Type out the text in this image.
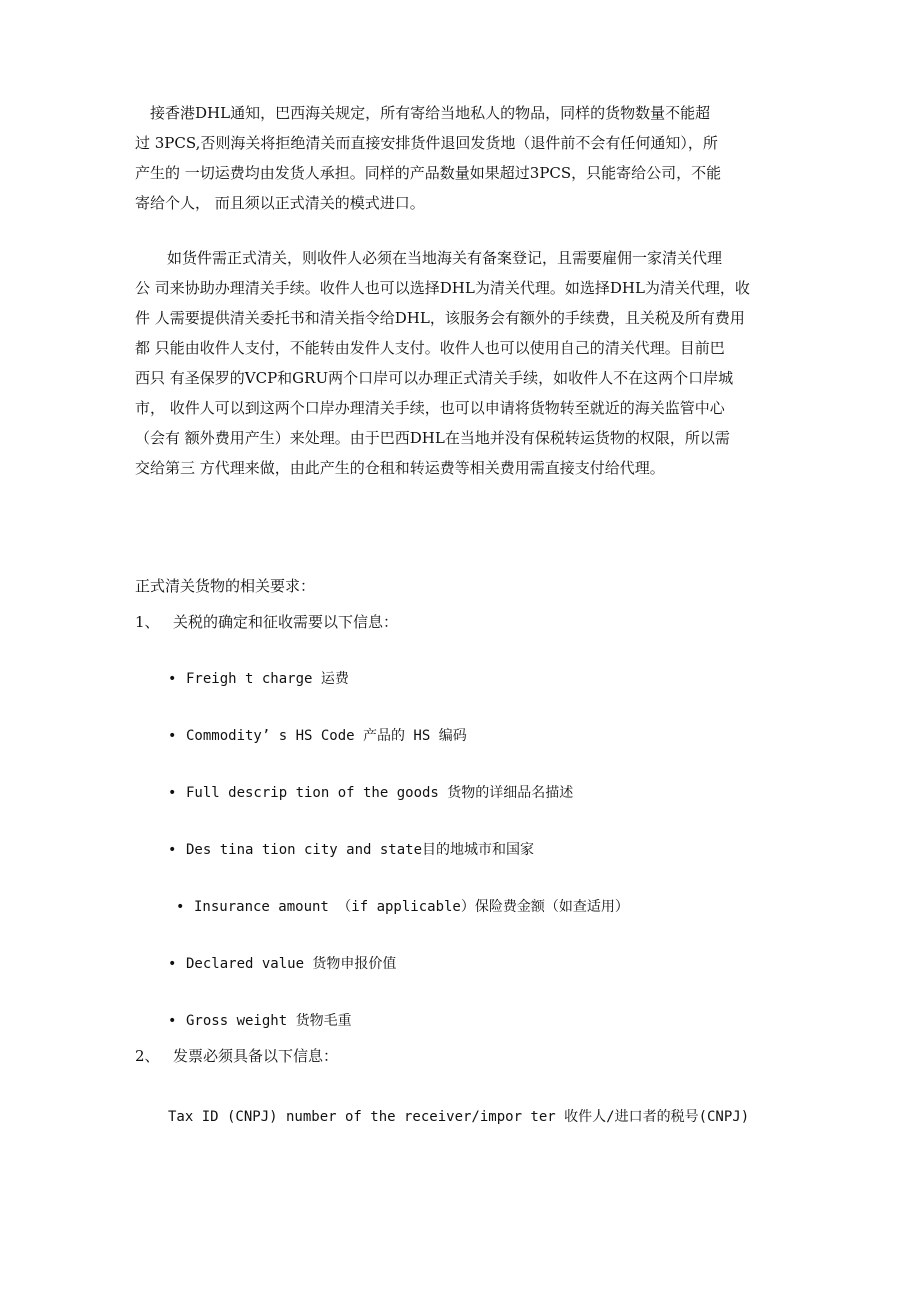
　接香港DHL通知，巴西海关规定，所有寄给当地私人的物品，同样的货物数量不能超
过 3PCS,否则海关将拒绝清关而直接安排货件退回发货地（退件前不会有任何通知），所
产生的 一切运费均由发货人承担。同样的产品数量如果超过3PCS，只能寄给公司，不能
寄给个人， 而且须以正式清关的模式进口。
如货件需正式清关，则收件人必须在当地海关有备案登记，且需要雇佣一家清关代理
公 司来协助办理清关手续。收件人也可以选择DHL为清关代理。如选择DHL为清关代理，收
件 人需要提供清关委托书和清关指令给DHL，该服务会有额外的手续费，且关税及所有费用
都 只能由收件人支付，不能转由发件人支付。收件人也可以使用自己的清关代理。目前巴
西只 有圣保罗的VCP和GRU两个口岸可以办理正式清关手续，如收件人不在这两个口岸城
市， 收件人可以到这两个口岸办理清关手续，也可以申请将货物转至就近的海关监管中心
（会有 额外费用产生）来处理。由于巴西DHL在当地并没有保税转运货物的权限，所以需
交给第三 方代理来做，由此产生的仓租和转运费等相关费用需直接支付给代理。
正式清关货物的相关要求：
1、 关税的确定和征收需要以下信息：
• Freigh t charge 运费
• Commodity’ s HS Code 产品的 HS 编码
• Full descrip tion of the goods 货物的详细品名描述
• Des tina tion city and state目的地城市和国家
• Insurance amount （if applicable）保险费金额（如查适用）
• Declared value 货物申报价值
• Gross weight 货物毛重
2、 发票必须具备以下信息：
Tax ID (CNPJ) number of the receiver/impor ter 收件人/进口者的税号(CNPJ)
